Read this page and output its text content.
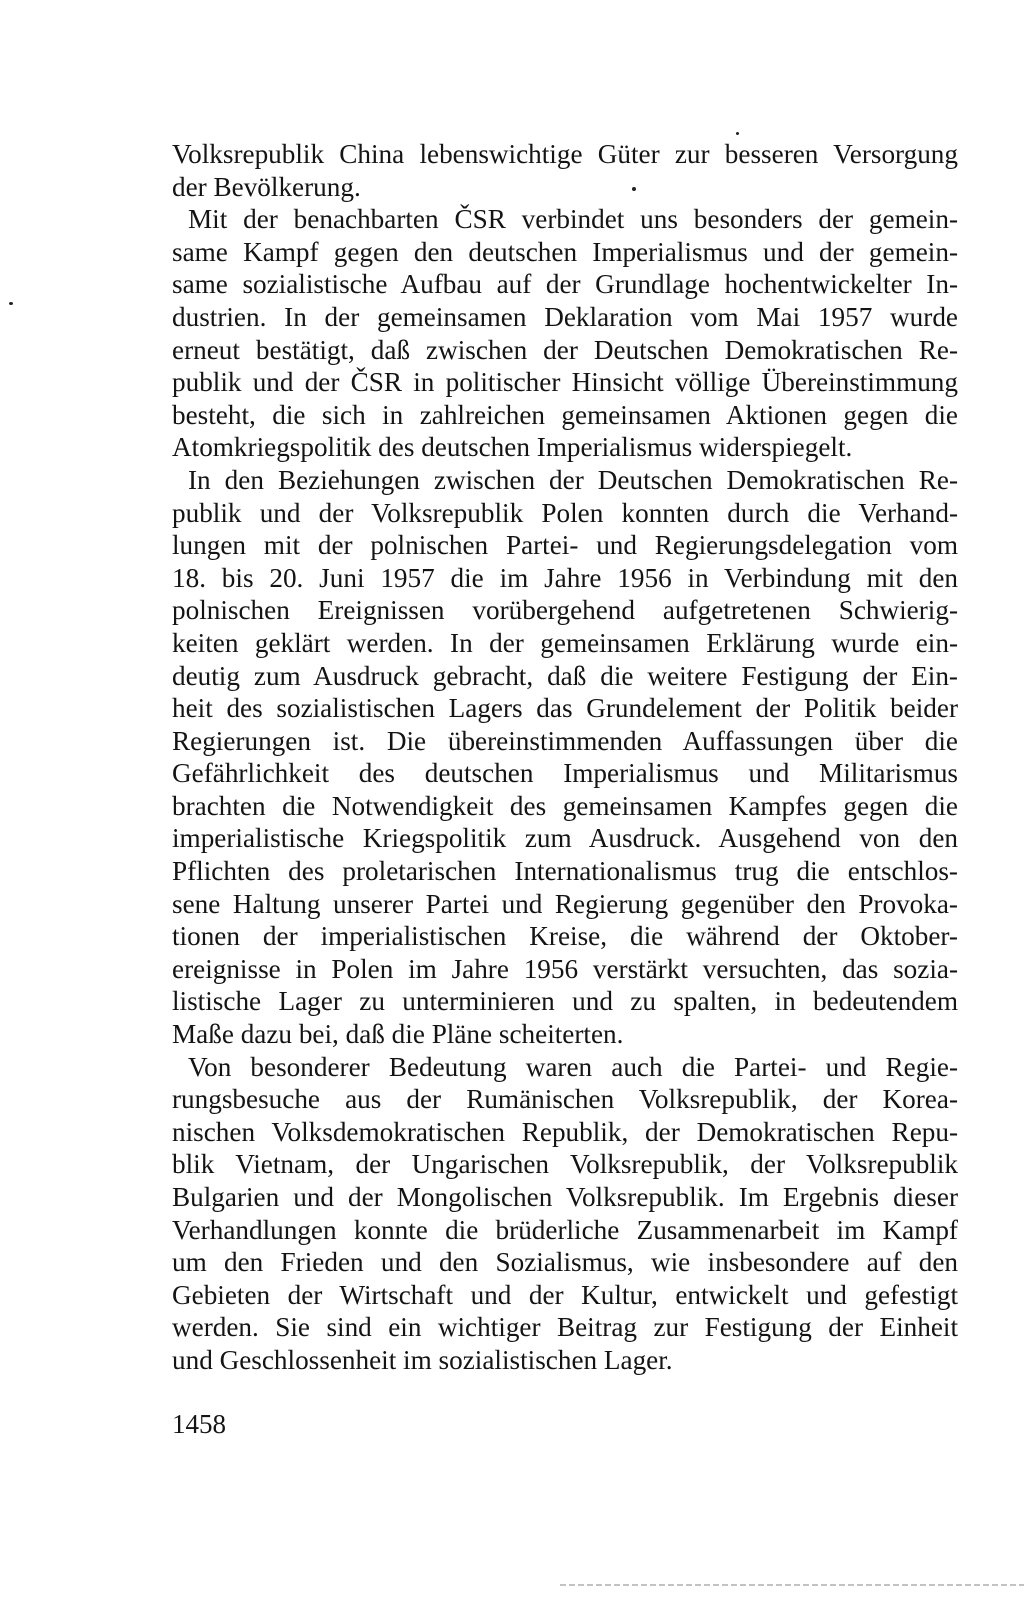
Volksrepublik China lebenswichtige Güter zur besseren Versorgung
der Bevölkerung.
Mit der benachbarten ČSR verbindet uns besonders der gemein-
same Kampf gegen den deutschen Imperialismus und der gemein-
same sozialistische Aufbau auf der Grundlage hochentwickelter In-
dustrien. In der gemeinsamen Deklaration vom Mai 1957 wurde
erneut bestätigt, daß zwischen der Deutschen Demokratischen Re-
publik und der ČSR in politischer Hinsicht völlige Übereinstimmung
besteht, die sich in zahlreichen gemeinsamen Aktionen gegen die
Atomkriegspolitik des deutschen Imperialismus widerspiegelt.
In den Beziehungen zwischen der Deutschen Demokratischen Re-
publik und der Volksrepublik Polen konnten durch die Verhand-
lungen mit der polnischen Partei- und Regierungsdelegation vom
18. bis 20. Juni 1957 die im Jahre 1956 in Verbindung mit den
polnischen Ereignissen vorübergehend aufgetretenen Schwierig-
keiten geklärt werden. In der gemeinsamen Erklärung wurde ein-
deutig zum Ausdruck gebracht, daß die weitere Festigung der Ein-
heit des sozialistischen Lagers das Grundelement der Politik beider
Regierungen ist. Die übereinstimmenden Auffassungen über die
Gefährlichkeit des deutschen Imperialismus und Militarismus
brachten die Notwendigkeit des gemeinsamen Kampfes gegen die
imperialistische Kriegspolitik zum Ausdruck. Ausgehend von den
Pflichten des proletarischen Internationalismus trug die entschlos-
sene Haltung unserer Partei und Regierung gegenüber den Provoka-
tionen der imperialistischen Kreise, die während der Oktober-
ereignisse in Polen im Jahre 1956 verstärkt versuchten, das sozia-
listische Lager zu unterminieren und zu spalten, in bedeutendem
Maße dazu bei, daß die Pläne scheiterten.
Von besonderer Bedeutung waren auch die Partei- und Regie-
rungsbesuche aus der Rumänischen Volksrepublik, der Korea-
nischen Volksdemokratischen Republik, der Demokratischen Repu-
blik Vietnam, der Ungarischen Volksrepublik, der Volksrepublik
Bulgarien und der Mongolischen Volksrepublik. Im Ergebnis dieser
Verhandlungen konnte die brüderliche Zusammenarbeit im Kampf
um den Frieden und den Sozialismus, wie insbesondere auf den
Gebieten der Wirtschaft und der Kultur, entwickelt und gefestigt
werden. Sie sind ein wichtiger Beitrag zur Festigung der Einheit
und Geschlossenheit im sozialistischen Lager.
1458
